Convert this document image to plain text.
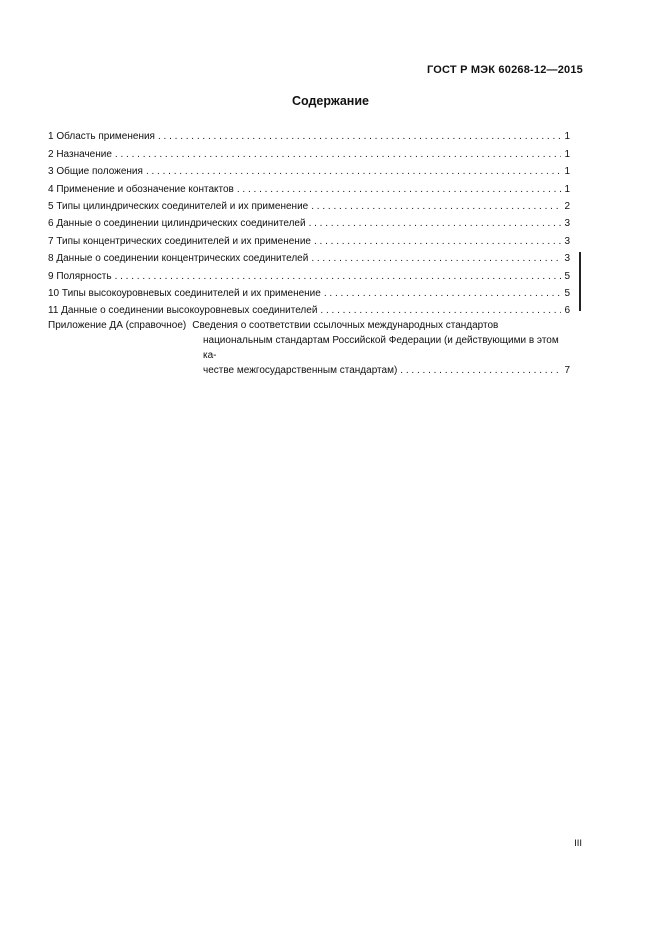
ГОСТ Р МЭК 60268-12—2015
Содержание
1 Область применения . . .	1
2 Назначение . . .	1
3 Общие положения . . .	1
4 Применение и обозначение контактов . . .	1
5 Типы цилиндрических соединителей и их применение . . .	2
6 Данные о соединении цилиндрических соединителей . . .	3
7 Типы концентрических соединителей и их применение . . .	3
8 Данные о соединении концентрических соединителей . . .	3
9 Полярность . . .	5
10 Типы высокоуровневых соединителей и их применение . . .	5
11 Данные о соединении высокоуровневых соединителей . . .	6
Приложение ДА (справочное) Сведения о соответствии ссылочных международных стандартов
национальным стандартам Российской Федерации (и действующими в этом ка-
честве межгосударственным стандартам) . . .	7
III
